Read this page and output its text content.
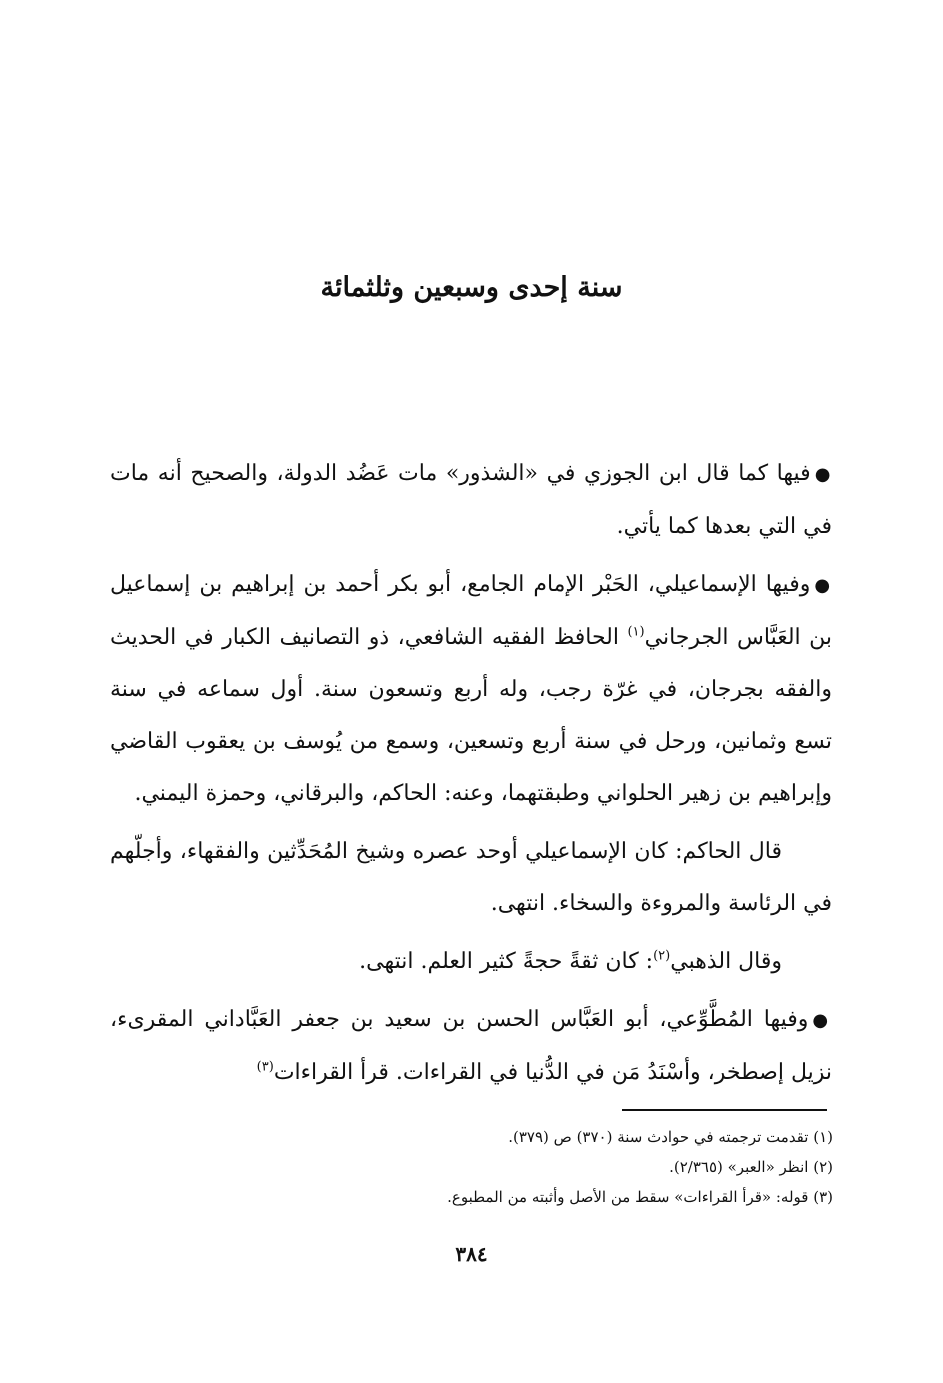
سنة إحدى وسبعين وثلثمائة

●فيها كما قال ابن الجوزي في «الشذور» مات عَضُد الدولة، والصحيح أنه مات في التي بعدها كما يأتي.

●وفيها الإسماعيلي، الحَبْر الإمام الجامع، أبو بكر أحمد بن إبراهيم بن إسماعيل بن العَبَّاس الجرجاني$^{(١)}$ الحافظ الفقيه الشافعي، ذو التصانيف الكبار في الحديث والفقه بجرجان، في غرّة رجب، وله أربع وتسعون سنة. أول سماعه في سنة تسع وثمانين، ورحل في سنة أربع وتسعين، وسمع من يُوسف بن يعقوب القاضي وإبراهيم بن زهير الحلواني وطبقتهما، وعنه: الحاكم، والبرقاني، وحمزة اليمني.

قال الحاكم: كان الإسماعيلي أوحد عصره وشيخ المُحَدِّثين والفقهاء، وأجلّهم في الرئاسة والمروءة والسخاء. انتهى.

وقال الذهبي$^{(٢)}$: كان ثقةً حجةً كثير العلم. انتهى.

●وفيها المُطَّوِّعي، أبو العَبَّاس الحسن بن سعيد بن جعفر العَبَّاداني المقرىء، نزيل إصطخر، وأسْنَدُ مَن في الدُّنيا في القراءات. قرأ القراءات$^{(٣)}$

(١) تقدمت ترجمته في حوادث سنة (٣٧٠) ص (٣٧٩).
(٢) انظر «العبر» (٢/٣٦٥).
(٣) قوله: «قرأ القراءات» سقط من الأصل وأثبته من المطبوع.
٣٨٤
